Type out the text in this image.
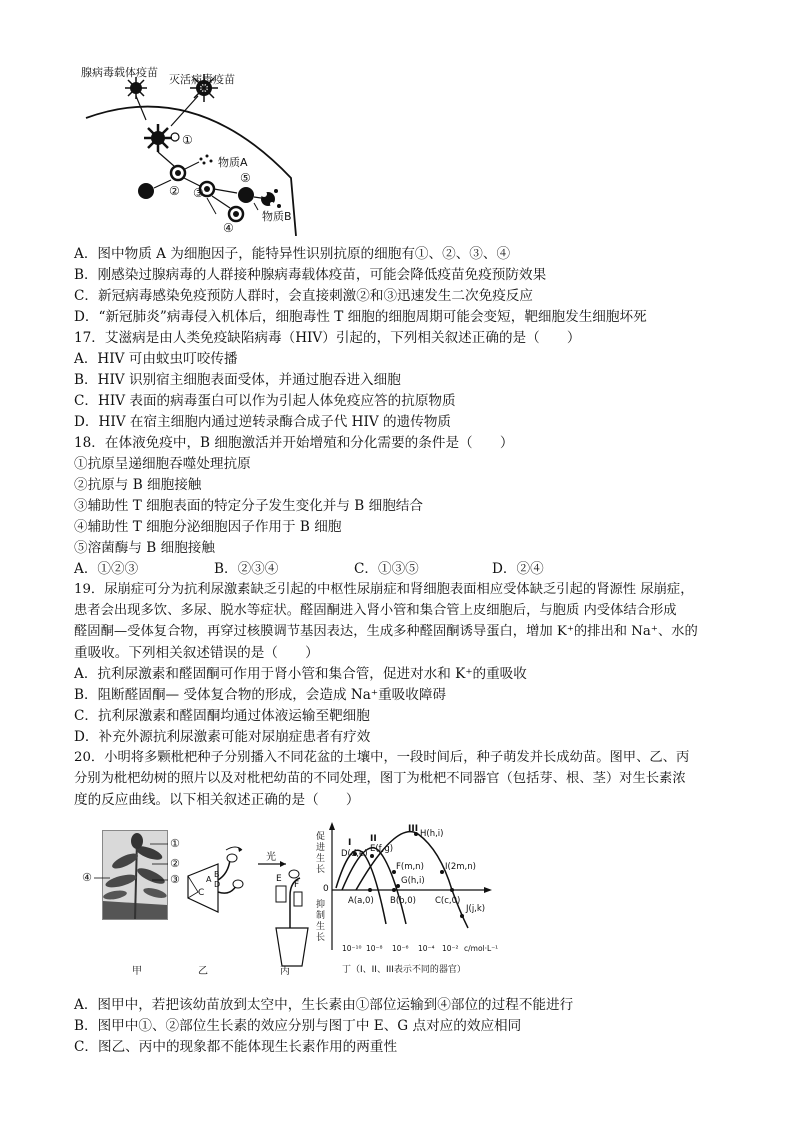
腺病毒载体疫苗
灭活病毒疫苗
①
物质A
② ③
⑤
物质B
④
A．图中物质 A 为细胞因子，能特异性识别抗原的细胞有①、②、③、④
B．刚感染过腺病毒的人群接种腺病毒载体疫苗，可能会降低疫苗免疫预防效果
C．新冠病毒感染免疫预防人群时，会直接刺激②和③迅速发生二次免疫反应
D．“新冠肺炎”病毒侵入机体后，细胞毒性 T 细胞的细胞周期可能会变短，靶细胞发生细胞坏死
17．艾滋病是由人类免疫缺陷病毒（HIV）引起的，下列相关叙述正确的是（　　）
A．HIV 可由蚊虫叮咬传播
B．HIV 识别宿主细胞表面受体，并通过胞吞进入细胞
C．HIV 表面的病毒蛋白可以作为引起人体免疫应答的抗原物质
D．HIV 在宿主细胞内通过逆转录酶合成子代 HIV 的遗传物质
18．在体液免疫中，B 细胞激活并开始增殖和分化需要的条件是（　　）
①抗原呈递细胞吞噬处理抗原
②抗原与 B 细胞接触
③辅助性 T 细胞表面的特定分子发生变化并与 B 细胞结合
④辅助性 T 细胞分泌细胞因子作用于 B 细胞
⑤溶菌酶与 B 细胞接触
A．①②③	B．②③④	C．①③⑤	D．②④
19．尿崩症可分为抗利尿激素缺乏引起的中枢性尿崩症和肾细胞表面相应受体缺乏引起的肾源性 尿崩症，
患者会出现多饮、多尿、脱水等症状。醛固酮进入肾小管和集合管上皮细胞后，与胞质 内受体结合形成
醛固酮—受体复合物，再穿过核膜调节基因表达，生成多种醛固酮诱导蛋白，增加 K⁺的排出和 Na⁺、水的
重吸收。下列相关叙述错误的是（　　）
A．抗利尿激素和醛固酮可作用于肾小管和集合管，促进对水和 K⁺的重吸收
B．阻断醛固酮— 受体复合物的形成，会造成 Na⁺重吸收障碍
C．抗利尿激素和醛固酮均通过体液运输至靶细胞
D．补充外源抗利尿激素可能对尿崩症患者有疗效
20．小明将多颗枇杷种子分别播入不同花盆的土壤中，一段时间后，种子萌发并长成幼苗。图甲、乙、丙
分别为枇杷幼树的照片以及对枇杷幼苗的不同处理，图丁为枇杷不同器官（包括芽、根、茎）对生长素浓
度的反应曲线。以下相关叙述正确的是（　　）
①
②
③
④	A
B
C
D
光
E
F
促进生长
抑制生长
0
I II
III
D(d,e) E(f,g)
H(h,i)
F(m,n) I(2m,n)
G(h,i)
A(a,0) B(b,0) C(c,0)
J(j,k)
10⁻¹⁰ 10⁻⁸ 10⁻⁶ 10⁻⁴ 10⁻² c/mol·L⁻¹
甲	乙	丙	丁（I、II、III表示不同的器官）
A．图甲中，若把该幼苗放到太空中，生长素由①部位运输到④部位的过程不能进行
B．图甲中①、②部位生长素的效应分别与图丁中 E、G 点对应的效应相同
C．图乙、丙中的现象都不能体现生长素作用的两重性
